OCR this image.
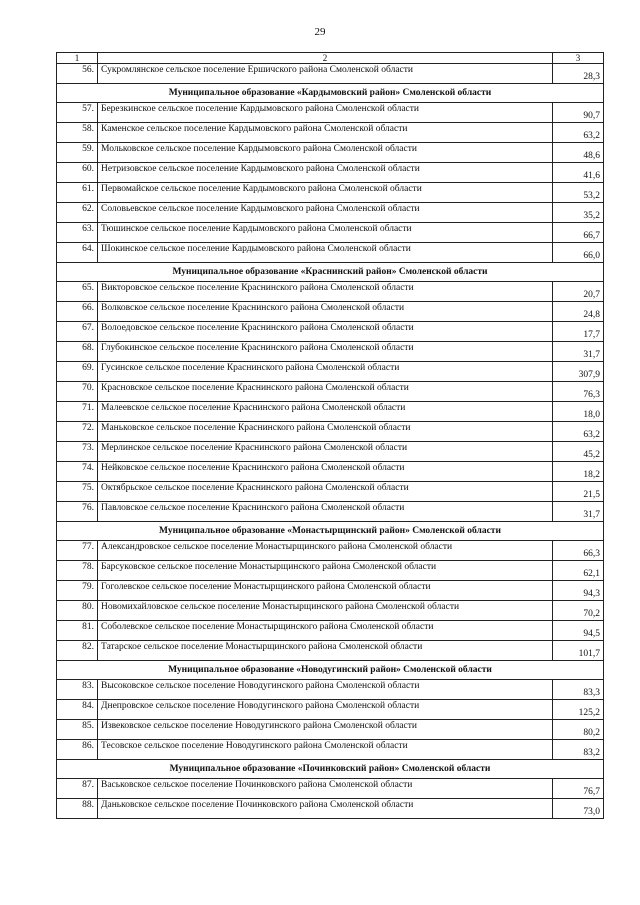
29
1	2	3
56.	Сукромлянское сельское поселение Ершичского района Смоленской области	28,3
Муниципальное образование «Кардымовский район» Смоленской области		
57.	Березкинское сельское поселение Кардымовского района Смоленской области	90,7
58.	Каменское сельское поселение Кардымовского района Смоленской области	63,2
59.	Мольковское сельское поселение Кардымовского района Смоленской области	48,6
60.	Нетризовское сельское поселение Кардымовского района Смоленской области	41,6
61.	Первомайское сельское поселение Кардымовского района Смоленской области	53,2
62.	Соловьевское сельское поселение Кардымовского района Смоленской области	35,2
63.	Тюшинское сельское поселение Кардымовского района Смоленской области	66,7
64.	Шокинское сельское поселение Кардымовского района Смоленской области	66,0
Муниципальное образование «Краснинский район» Смоленской области		
65.	Викторовское сельское поселение Краснинского района Смоленской области	20,7
66.	Волковское сельское поселение Краснинского района Смоленской области	24,8
67.	Волоедовское сельское поселение Краснинского района Смоленской области	17,7
68.	Глубокинское сельское поселение Краснинского района Смоленской области	31,7
69.	Гусинское сельское поселение Краснинского района Смоленской области	307,9
70.	Красновское сельское поселение Краснинского района Смоленской области	76,3
71.	Малеевское сельское поселение Краснинского района Смоленской области	18,0
72.	Маньковское сельское поселение Краснинского района Смоленской области	63,2
73.	Мерлинское сельское поселение Краснинского района Смоленской области	45,2
74.	Нейковское сельское поселение Краснинского района Смоленской области	18,2
75.	Октябрьское сельское поселение Краснинского района Смоленской области	21,5
76.	Павловское сельское поселение Краснинского района Смоленской области	31,7
Муниципальное образование «Монастырщинский район» Смоленской области		
77.	Александровское сельское поселение Монастырщинского района Смоленской области	66,3
78.	Барсуковское сельское поселение Монастырщинского района Смоленской области	62,1
79.	Гоголевское сельское поселение Монастырщинского района Смоленской области	94,3
80.	Новомихайловское сельское поселение Монастырщинского района Смоленской области	70,2
81.	Соболевское сельское поселение Монастырщинского района Смоленской области	94,5
82.	Татарское сельское поселение Монастырщинского района Смоленской области	101,7
Муниципальное образование «Новодугинский район» Смоленской области		
83.	Высоковское сельское поселение Новодугинского района Смоленской области	83,3
84.	Днепровское сельское поселение Новодугинского района Смоленской области	125,2
85.	Извековское сельское поселение Новодугинского района Смоленской области	80,2
86.	Тесовское сельское поселение Новодугинского района Смоленской области	83,2
Муниципальное образование «Починковский район» Смоленской области		
87.	Васьковское сельское поселение Починковского района Смоленской области	76,7
88.	Даньковское сельское поселение Починковского района Смоленской области	73,0
